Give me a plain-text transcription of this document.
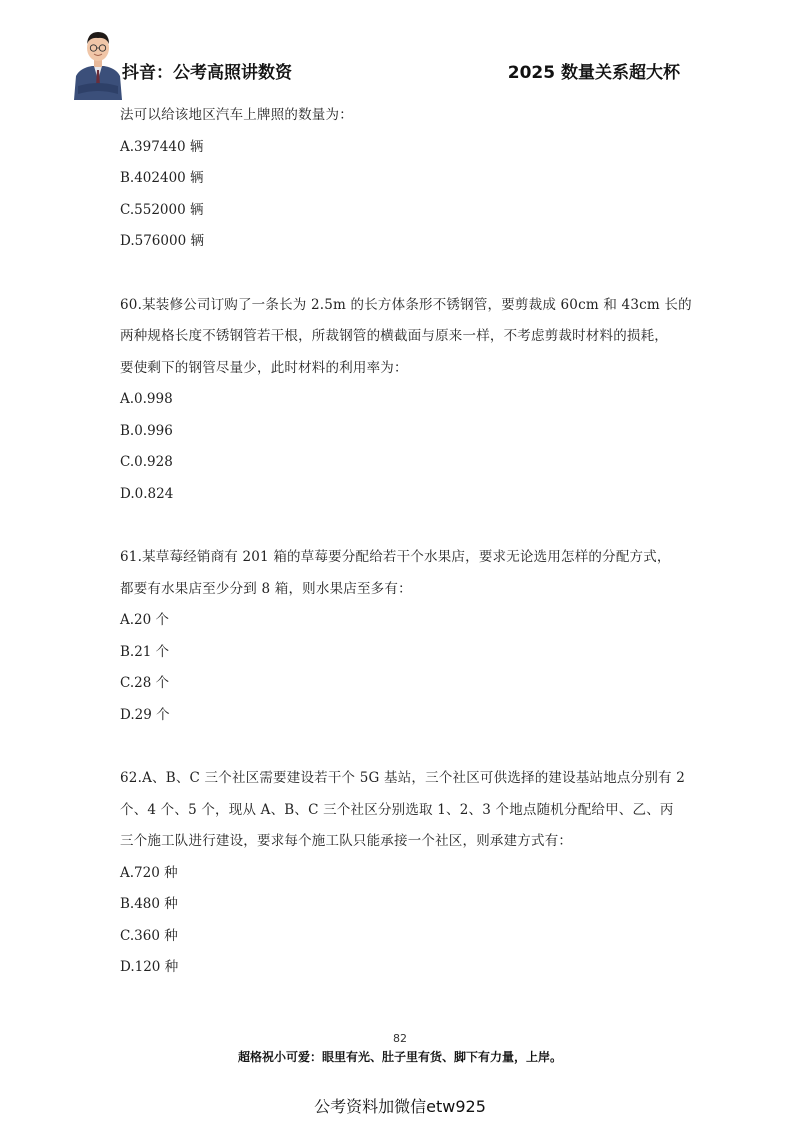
抖音：公考高照讲数资	2025 数量关系超大杯
法可以给该地区汽车上牌照的数量为：
A.397440 辆
B.402400 辆
C.552000 辆
D.576000 辆
60.某装修公司订购了一条长为 2.5m 的长方体条形不锈钢管，要剪裁成 60cm 和 43cm 长的
两种规格长度不锈钢管若干根，所裁钢管的横截面与原来一样，不考虑剪裁时材料的损耗，
要使剩下的钢管尽量少，此时材料的利用率为：
A.0.998
B.0.996
C.0.928
D.0.824
61.某草莓经销商有 201 箱的草莓要分配给若干个水果店，要求无论选用怎样的分配方式，
都要有水果店至少分到 8 箱，则水果店至多有：
A.20 个
B.21 个
C.28 个
D.29 个
62.A、B、C 三个社区需要建设若干个 5G 基站，三个社区可供选择的建设基站地点分别有 2
个、4 个、5 个，现从 A、B、C 三个社区分别选取 1、2、3 个地点随机分配给甲、乙、丙
三个施工队进行建设，要求每个施工队只能承接一个社区，则承建方式有：
A.720 种
B.480 种
C.360 种
D.120 种
82
超格祝小可爱：眼里有光、肚子里有货、脚下有力量，上岸。
公考资料加微信etw925
